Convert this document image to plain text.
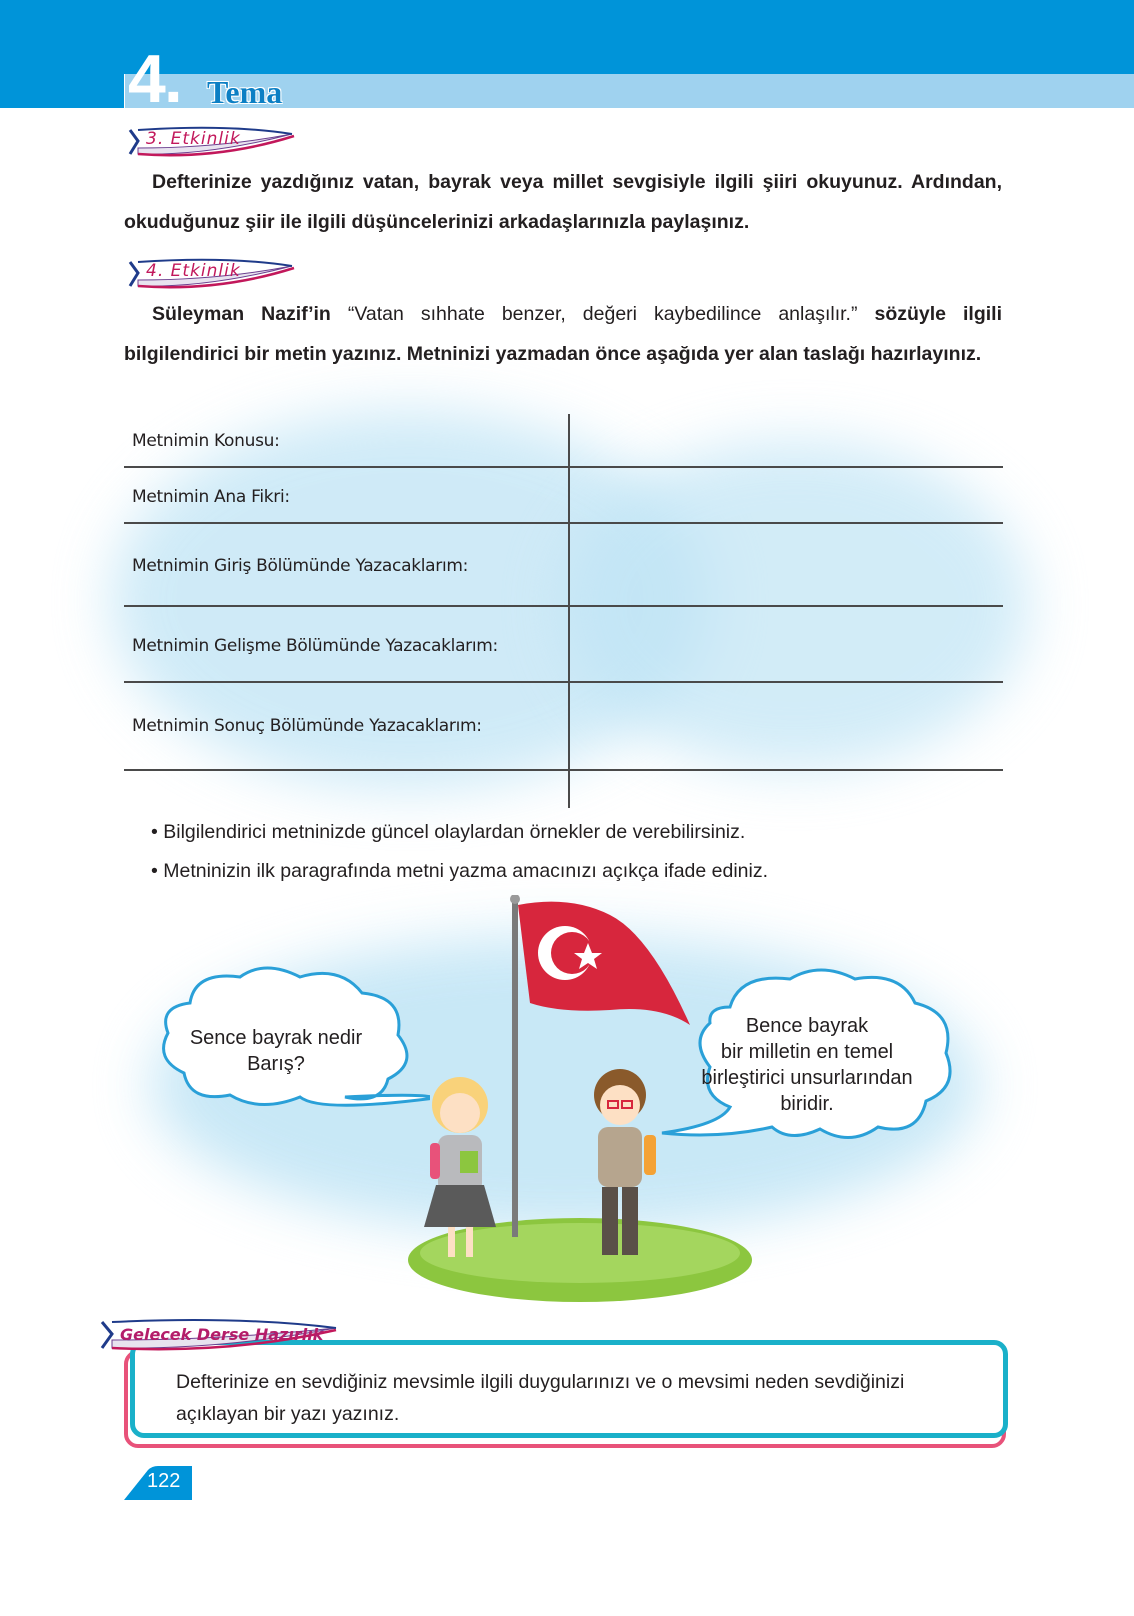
4. Tema
3. Etkinlik
Defterinize yazdığınız vatan, bayrak veya millet sevgisiyle ilgili şiiri okuyunuz. Ardından, okuduğunuz şiir ile ilgili düşüncelerinizi arkadaşlarınızla paylaşınız.
4. Etkinlik
Süleyman Nazif’in “Vatan sıhhate benzer, değeri kaybedilince anlaşılır.” sözüyle ilgili bilgilendirici bir metin yazınız. Metninizi yazmadan önce aşağıda yer alan taslağı hazırlayınız.
Metnimin Konusu:
Metnimin Ana Fikri:
Metnimin Giriş Bölümünde Yazacaklarım:
Metnimin Gelişme Bölümünde Yazacaklarım:
Metnimin Sonuç Bölümünde Yazacaklarım:
• Bilgilendirici metninizde güncel olaylardan örnekler de verebilirsiniz.
• Metninizin ilk paragrafında metni yazma amacınızı açıkça ifade ediniz.
Sence bayrak nedir
Barış?
Bence bayrak
bir milletin en temel
birleştirici unsurlarından
biridir.
Gelecek Derse Hazırlık
Defterinize en sevdiğiniz mevsimle ilgili duygularınızı ve o mevsimi neden sevdiğinizi açıklayan bir yazı yazınız.
122
